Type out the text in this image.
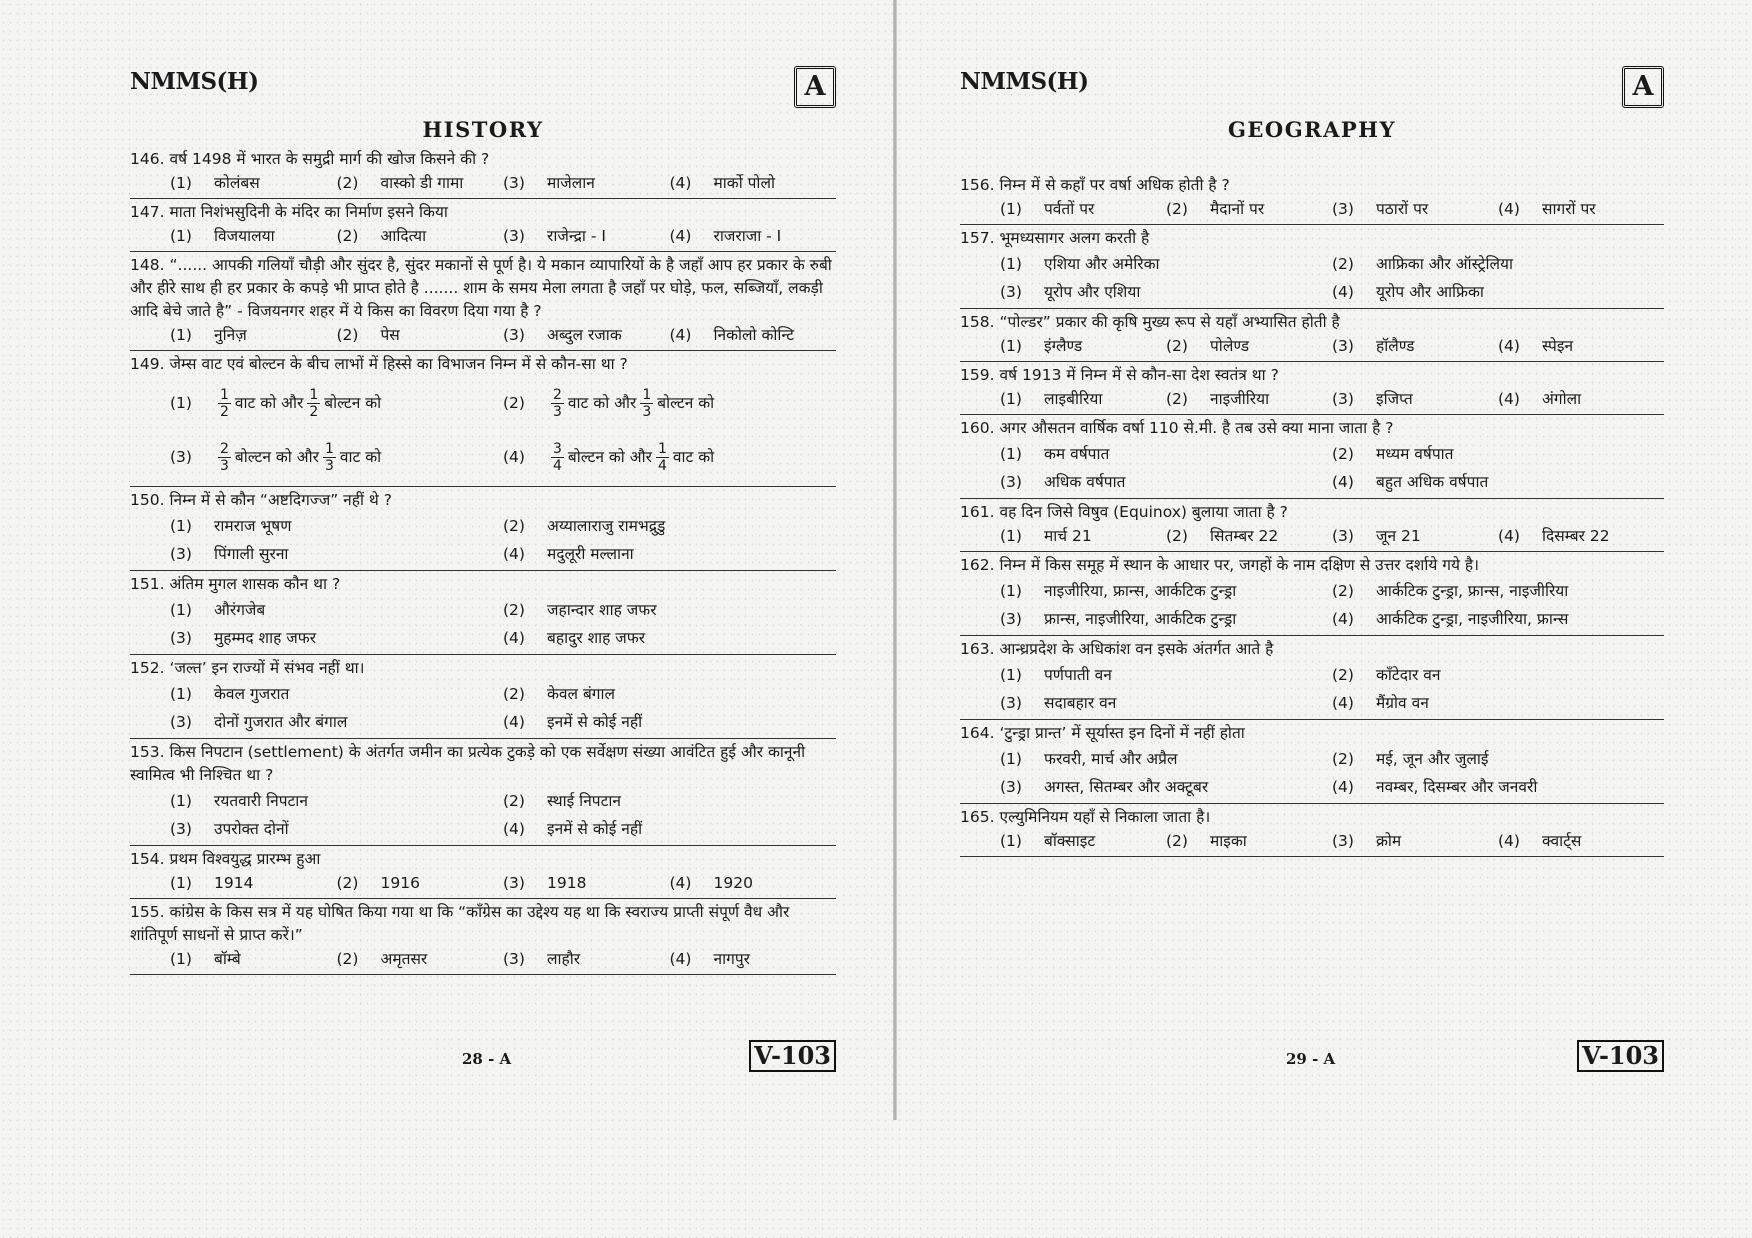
NMMS(H)	A
HISTORY
146. वर्ष 1498 में भारत के समुद्री मार्ग की खोज किसने की ?
(1) कोलंबस	(2) वास्को डी गामा	(3) माजेलान	(4) मार्को पोलो
147. माता निशंभसुदिनी के मंदिर का निर्माण इसने किया
(1) विजयालया	(2) आदित्या	(3) राजेन्द्रा - I	(4) राजराजा - I
148. “...... आपकी गलियाँ चौड़ी और सुंदर है, सुंदर मकानों से पूर्ण है। ये मकान व्यापारियों के है जहाँ आप हर प्रकार के रुबी और हीरे साथ ही हर प्रकार के कपड़े भी प्राप्त होते है ....... शाम के समय मेला लगता है जहाँ पर घोड़े, फल, सब्जियाँ, लकड़ी आदि बेचे जाते है” - विजयनगर शहर में ये किस का विवरण दिया गया है ?
(1) नुनिज़	(2) पेस	(3) अब्दुल रजाक	(4) निकोलो कोन्टि
149. जेम्स वाट एवं बोल्टन के बीच लाभों में हिस्से का विभाजन निम्न में से कौन-सा था ?
$(1) \frac{1}{2}$ वाट को और $\frac{1}{2}$ बोल्टन को	$(2) \frac{2}{3}$ वाट को और $\frac{1}{3}$ बोल्टन को
$(3) \frac{2}{3}$ बोल्टन को और $\frac{1}{3}$ वाट को	$(4) \frac{3}{4}$ बोल्टन को और $\frac{1}{4}$ वाट को
150. निम्न में से कौन “अष्टदिगज्ज” नहीं थे ?
(1) रामराज भूषण	(2) अय्यालाराजु रामभद्रुडु
(3) पिंगाली सुरना	(4) मदुलूरी मल्लाना
151. अंतिम मुगल शासक कौन था ?
(1) औरंगजेब	(2) जहान्दार शाह जफर
(3) मुहम्मद शाह जफर	(4) बहादुर शाह जफर
152. ‘जल्त’ इन राज्यों में संभव नहीं था।
(1) केवल गुजरात	(2) केवल बंगाल
(3) दोनों गुजरात और बंगाल	(4) इनमें से कोई नहीं
153. किस निपटान (settlement) के अंतर्गत जमीन का प्रत्येक टुकड़े को एक सर्वेक्षण संख्या आवंटित हुई और कानूनी स्वामित्व भी निश्चित था ?
(1) रयतवारी निपटान	(2) स्थाई निपटान
(3) उपरोक्त दोनों	(4) इनमें से कोई नहीं
154. प्रथम विश्वयुद्ध प्रारम्भ हुआ
(1) 1914	(2) 1916	(3) 1918	(4) 1920
155. कांग्रेस के किस सत्र में यह घोषित किया गया था कि “कॉंग्रेस का उद्देश्य यह था कि स्वराज्य प्राप्ती संपूर्ण वैध और शांतिपूर्ण साधनों से प्राप्त करें।”
(1) बॉम्बे	(2) अमृतसर	(3) लाहौर	(4) नागपुर
28 - A	V-103
NMMS(H)	A
GEOGRAPHY
156. निम्न में से कहाँ पर वर्षा अधिक होती है ?
(1) पर्वतों पर	(2) मैदानों पर	(3) पठारों पर	(4) सागरों पर
157. भूमध्यसागर अलग करती है
(1) एशिया और अमेरिका	(2) आफ्रिका और ऑस्ट्रेलिया
(3) यूरोप और एशिया	(4) यूरोप और आफ्रिका
158. “पोल्डर” प्रकार की कृषि मुख्य रूप से यहाँ अभ्यासित होती है
(1) इंग्लैण्ड	(2) पोलेण्ड	(3) हॉलैण्ड	(4) स्पेइन
159. वर्ष 1913 में निम्न में से कौन-सा देश स्वतंत्र था ?
(1) लाइबीरिया	(2) नाइजीरिया	(3) इजिप्त	(4) अंगोला
160. अगर औसतन वार्षिक वर्षा 110 से.मी. है तब उसे क्या माना जाता है ?
(1) कम वर्षपात	(2) मध्यम वर्षपात
(3) अधिक वर्षपात	(4) बहुत अधिक वर्षपात
161. वह दिन जिसे विषुव (Equinox) बुलाया जाता है ?
(1) मार्च 21	(2) सितम्बर 22	(3) जून 21	(4) दिसम्बर 22
162. निम्न में किस समूह में स्थान के आधार पर, जगहों के नाम दक्षिण से उत्तर दर्शाये गये है।
(1) नाइजीरिया, फ्रान्स, आर्कटिक टुन्ड्रा	(2) आर्कटिक टुन्ड्रा, फ्रान्स, नाइजीरिया
(3) फ्रान्स, नाइजीरिया, आर्कटिक टुन्ड्रा	(4) आर्कटिक टुन्ड्रा, नाइजीरिया, फ्रान्स
163. आन्ध्रप्रदेश के अधिकांश वन इसके अंतर्गत आते है
(1) पर्णपाती वन	(2) काँटेदार वन
(3) सदाबहार वन	(4) मैंग्रोव वन
164. ‘टुन्ड्रा प्रान्त’ में सूर्यास्त इन दिनों में नहीं होता
(1) फरवरी, मार्च और अप्रैल	(2) मई, जून और जुलाई
(3) अगस्त, सितम्बर और अक्टूबर	(4) नवम्बर, दिसम्बर और जनवरी
165. एल्युमिनियम यहाँ से निकाला जाता है।
(1) बॉक्साइट	(2) माइका	(3) क्रोम	(4) क्वार्ट्स
29 - A	V-103
